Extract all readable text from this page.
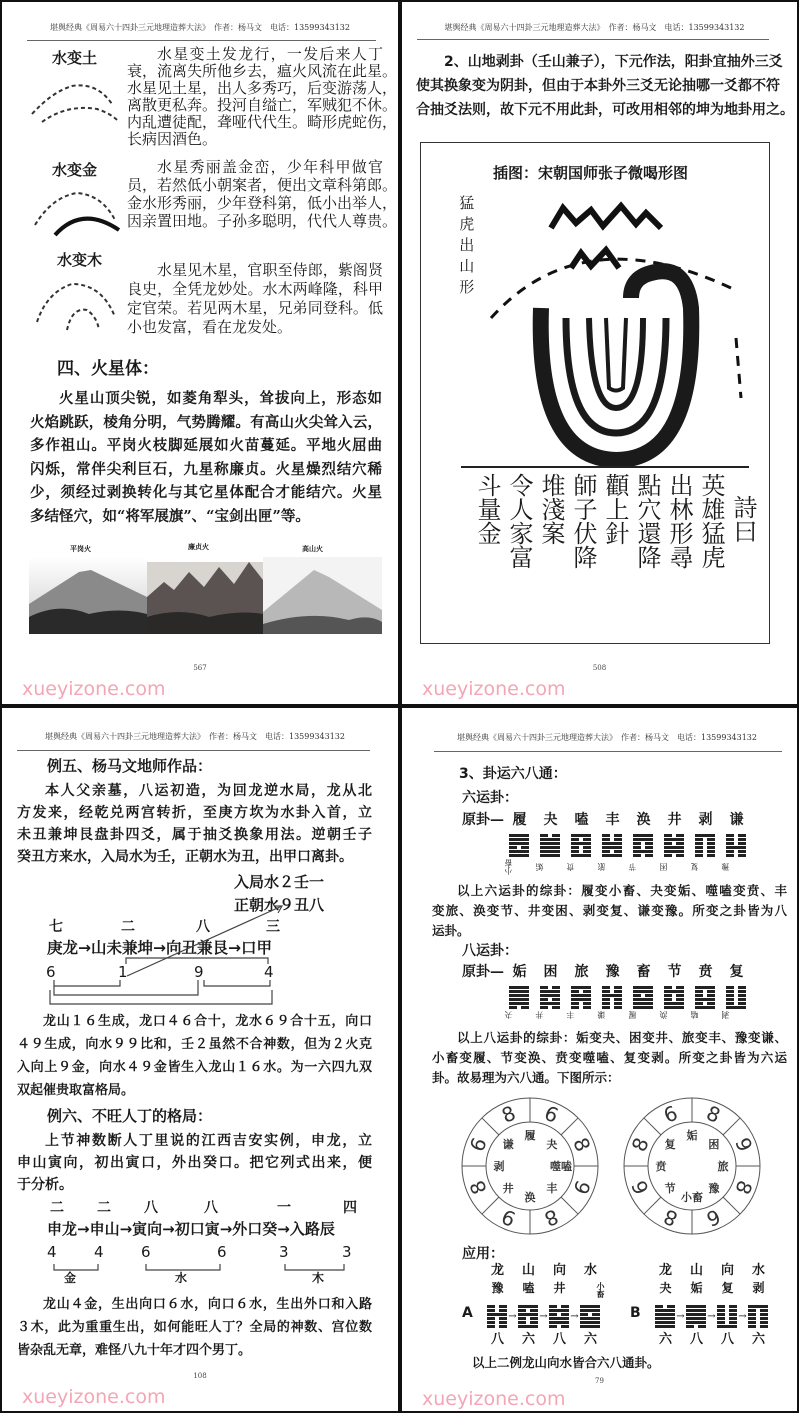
堪舆经典《周易六十四卦三元地理造葬大法》　作者：杨马文　电话：13599343132
水变土	水星变土发龙行，一发后来人丁
衰，流离失所他乡去，瘟火风流在此星。
水星见土星，出人多秀巧，后变游荡人，
离散更私奔。投河自缢亡，军贼犯不休。
内乱遭徒配，聋哑代代生。畸形虎蛇伤，
长病因酒色。
水变金	水星秀丽盖金峦，少年科甲做官
员，若然低小朝案者，便出文章科第郎。
金水形秀丽，少年登科第，低小出举人，
因亲置田地。子孙多聪明，代代人尊贵。
水变木
水星见木星，官职至侍郎，紫阁贤
良史，全凭龙妙处。水木两峰隆，科甲
定官荣。若见两木星，兄弟同登科。低
小也发富，看在龙发处。
四、火星体：
火星山顶尖锐，如菱角犁头，耸拔向上，形态如
火焰跳跃，棱角分明，气势腾耀。有高山火尖耸入云，
多作祖山。平岗火枝脚延展如火苗蔓延。平地火屈曲
闪烁，常伴尖利巨石，九星称廉贞。火星燥烈结穴稀
少，须经过剥换转化与其它星体配合才能结穴。火星
多结怪穴，如“将军展旗”、“宝剑出匣”等。
平岗火	廉贞火	高山火
567
xueyizone.com
堪舆经典《周易六十四卦三元地理造葬大法》　作者：杨马文　电话：13599343132
2、山地剥卦（壬山兼子），下元作法，阳卦宜抽外三爻
使其换象变为阴卦，但由于本卦外三爻无论抽哪一爻都不符
合抽爻法则，故下元不用此卦，可改用相邻的坤为地卦用之。
插图：宋朝国师张子微喝形图
猛虎出山形
詩曰
英雄猛虎
出林形尋
點穴還降
顴上針
師子伏降
堆淺案
令人家富
斗量金
508
xueyizone.com
堪舆经典《周易六十四卦三元地理造葬大法》　作者：杨马文　电话：13599343132
例五、杨马文地师作品：
本人父亲墓，八运初造，为回龙逆水局，龙从北
方发来，经乾兑两宫转折，至庚方坎为水卦入首，立
未丑兼坤艮盘卦四爻，属于抽爻换象用法。逆朝壬子
癸丑方来水，入局水为壬，正朝水为丑，出甲口离卦。
入局水２壬一
正朝水９丑八
七	二	八	三
庚龙→山未兼坤→向丑兼艮→口甲
6	1	9	4
龙山１６生成，龙口４６合十，龙水６９合十五，向口
４９生成，向水９９比和，壬２虽然不合神数，但为２火克
入向上９金，向水４９金皆生入龙山１６水。为一六四九双
双起催贵取富格局。
例六、不旺人丁的格局：
上节神数断人丁里说的江西吉安实例，申龙，立
申山寅向，初出寅口，外出癸口。把它列式出来，便
于分析。
二	二	八	八	一	四
申龙→申山→寅向→初口寅→外口癸→入路辰
4	4	6	6	3	3
金	水	木
龙山４金，生出向口６水，向口６水，生出外口和入路
３木，此为重重生出，如何能旺人丁？全局的神数、宫位数
皆杂乱无章，难怪八九十年才四个男丁。
108
xueyizone.com
堪舆经典《周易六十四卦三元地理造葬大法》　作者：杨马文　电话：13599343132
3、卦运六八通：
六运卦：
原卦— 履	夬	嗑	丰	涣	井	剥	谦
小畜	姤	贲	旅	节	困	复	豫
以上六运卦的综卦：履变小畜、夬变姤、噬嗑变贲、丰
变旅、涣变节、井变困、剥变复、谦变豫。所变之卦皆为八
运卦。
八运卦：
原卦— 姤	困	旅	豫	畜	节	贲	复
夬	井	丰	谦	履	涣	嗑	剥
以上八运卦的综卦：姤变夬、困变井、旅变丰、豫变谦、
小畜变履、节变涣、贲变噬嗑、复变剥。所变之卦皆为六运
卦。故易理为六八通。下图所示：
6
履 8
夬
9
噬嗑
8
丰
9
涣
8 井
6
剥
8
谦
8
姤 9
困
8
旅
6
豫
8
小畜
6 节
8
贲
6
复
应用：
龙	山	向	水
豫	嗑	井	小畜
A	→ → →
八	六	八	六
龙	山	向	水
夬	姤	复	剥
B	→ → →
六	八	八	六
以上二例龙山向水皆合六八通卦。
79
xueyizone.com
